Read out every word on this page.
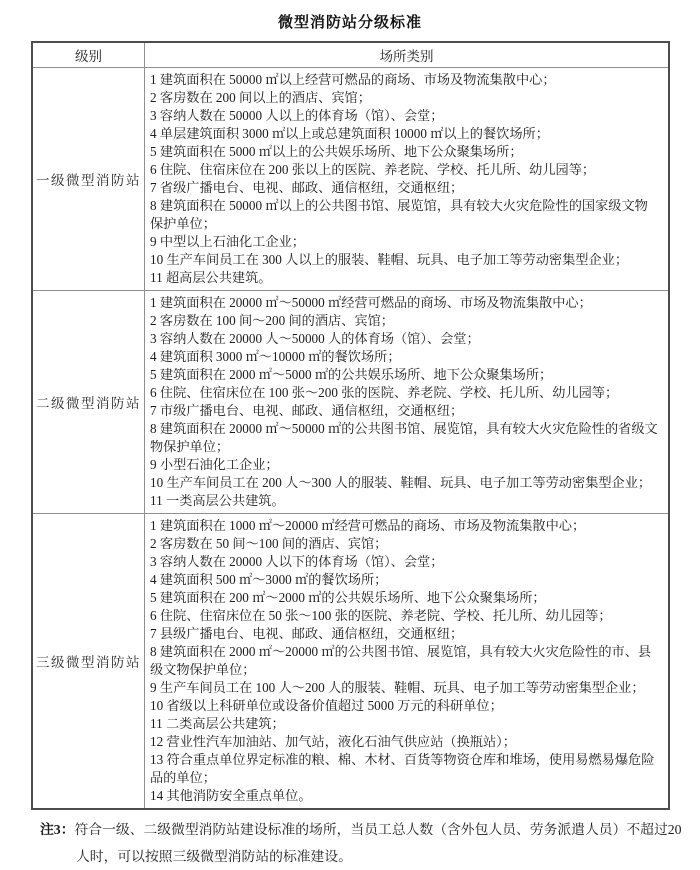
微型消防站分级标准
级别	场所类别
一级微型消防站	
1 建筑面积在 50000 ㎡以上经营可燃品的商场、市场及物流集散中心；
2 客房数在 200 间以上的酒店、宾馆；
3 容纳人数在 50000 人以上的体育场（馆）、会堂；
4 单层建筑面积 3000 ㎡以上或总建筑面积 10000 ㎡以上的餐饮场所；
5 建筑面积在 5000 ㎡以上的公共娱乐场所、地下公众聚集场所；
6 住院、住宿床位在 200 张以上的医院、养老院、学校、托儿所、幼儿园等；
7 省级广播电台、电视、邮政、通信枢纽，交通枢纽；
8 建筑面积在 50000 ㎡以上的公共图书馆、展览馆，具有较大火灾危险性的国家级文物保护单位；
9 中型以上石油化工企业；
10 生产车间员工在 300 人以上的服装、鞋帽、玩具、电子加工等劳动密集型企业；
11 超高层公共建筑。

二级微型消防站	
1 建筑面积在 20000 ㎡～50000 ㎡经营可燃品的商场、市场及物流集散中心；
2 客房数在 100 间～200 间的酒店、宾馆；
3 容纳人数在 20000 人～50000 人的体育场（馆）、会堂；
4 建筑面积 3000 ㎡～10000 ㎡的餐饮场所；
5 建筑面积在 2000 ㎡～5000 ㎡的公共娱乐场所、地下公众聚集场所；
6 住院、住宿床位在 100 张～200 张的医院、养老院、学校、托儿所、幼儿园等；
7 市级广播电台、电视、邮政、通信枢纽，交通枢纽；
8 建筑面积在 20000 ㎡～50000 ㎡的公共图书馆、展览馆，具有较大火灾危险性的省级文物保护单位；
9 小型石油化工企业；
10 生产车间员工在 200 人～300 人的服装、鞋帽、玩具、电子加工等劳动密集型企业；
11 一类高层公共建筑。

三级微型消防站	
1 建筑面积在 1000 ㎡～20000 ㎡经营可燃品的商场、市场及物流集散中心；
2 客房数在 50 间～100 间的酒店、宾馆；
3 容纳人数在 20000 人以下的体育场（馆）、会堂；
4 建筑面积 500 ㎡～3000 ㎡的餐饮场所；
5 建筑面积在 200 ㎡～2000 ㎡的公共娱乐场所、地下公众聚集场所；
6 住院、住宿床位在 50 张～100 张的医院、养老院、学校、托儿所、幼儿园等；
7 县级广播电台、电视、邮政、通信枢纽，交通枢纽；
8 建筑面积在 2000 ㎡～20000 ㎡的公共图书馆、展览馆，具有较大火灾危险性的市、县级文物保护单位；
9 生产车间员工在 100 人～200 人的服装、鞋帽、玩具、电子加工等劳动密集型企业；
10 省级以上科研单位或设备价值超过 5000 万元的科研单位；
11 二类高层公共建筑；
12 营业性汽车加油站、加气站，液化石油气供应站（换瓶站）；
13 符合重点单位界定标准的粮、棉、木材、百货等物资仓库和堆场，使用易燃易爆危险品的单位；
14 其他消防安全重点单位。
注3：符合一级、二级微型消防站建设标准的场所，当员工总人数（含外包人员、劳务派遣人员）不超过20人时，可以按照三级微型消防站的标准建设。
